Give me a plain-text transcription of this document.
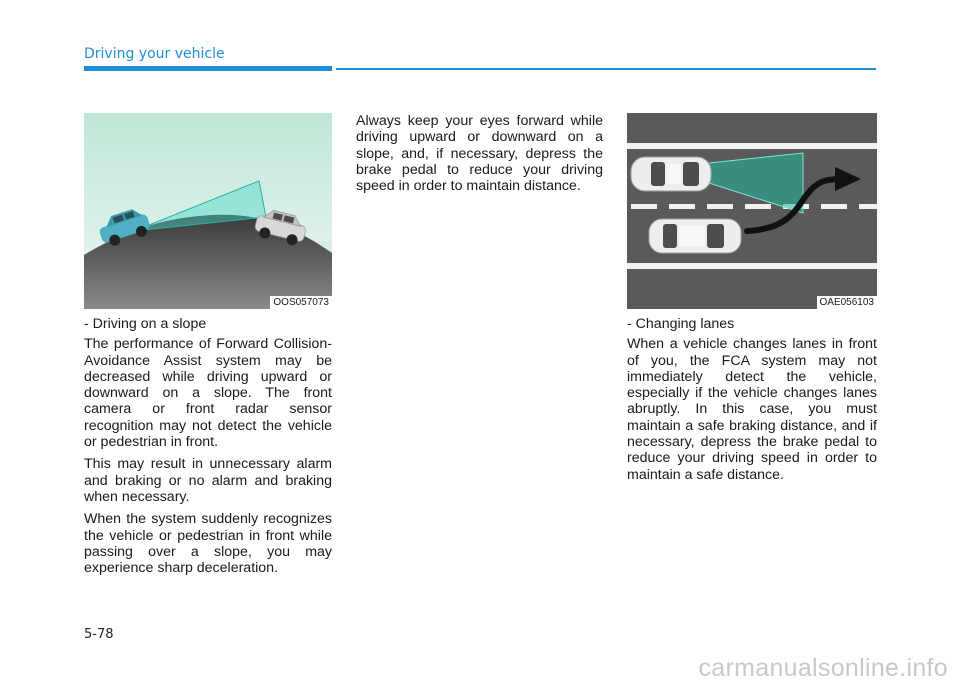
Driving your vehicle
OOS057073	OAE056103

- Driving on a slope

The performance of Forward Collision-Avoidance Assist system may be decreased while driving upward or downward on a slope. The front camera or front radar sensor recognition may not detect the vehicle or pedestrian in front.

This may result in unnecessary alarm and braking or no alarm and braking when necessary.

When the system suddenly recognizes the vehicle or pedestrian in front while passing over a slope, you may experience sharp deceleration.

Always keep your eyes forward while driving upward or downward on a slope, and, if necessary, depress the brake pedal to reduce your driving speed in order to maintain distance.

- Changing lanes

When a vehicle changes lanes in front of you, the FCA system may not immediately detect the vehicle, especially if the vehicle changes lanes abruptly. In this case, you must maintain a safe braking distance, and if necessary, depress the brake pedal to reduce your driving speed in order to maintain a safe distance.

5-78
carmanualsonline.info
